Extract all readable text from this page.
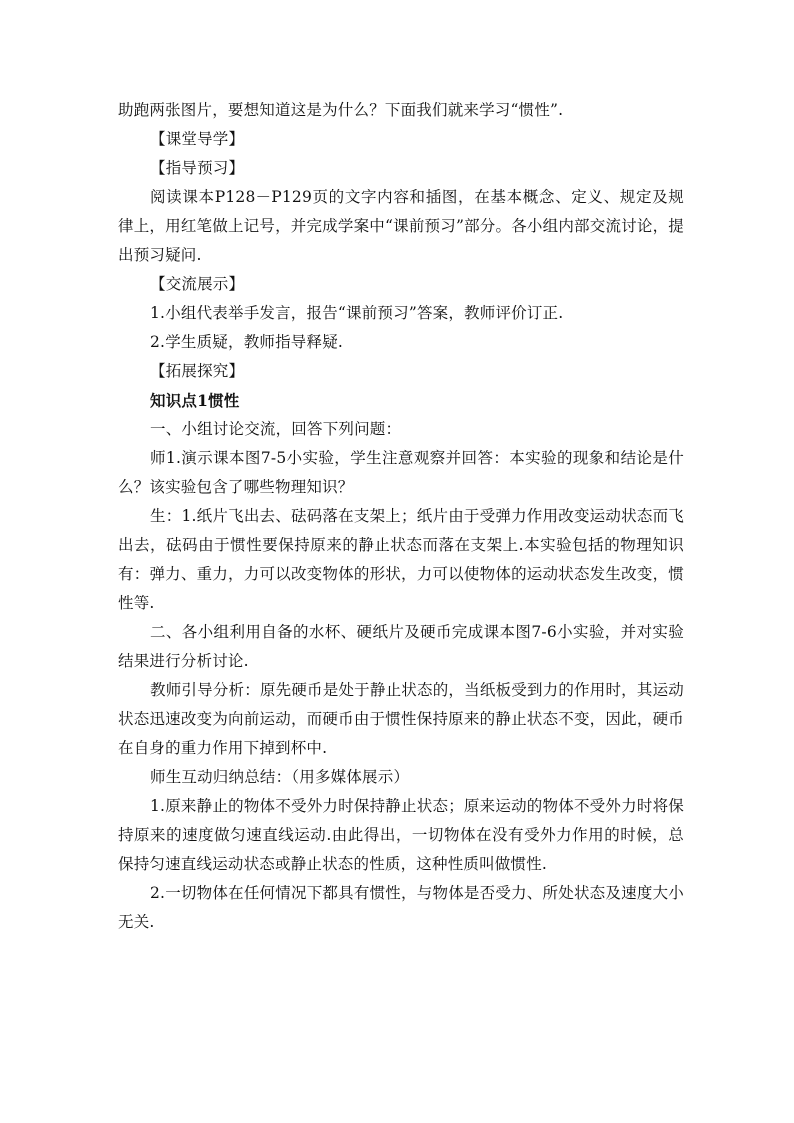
助跑两张图片，要想知道这是为什么？下面我们就来学习“惯性”.

【课堂导学】

【指导预习】

阅读课本P128－P129页的文字内容和插图，在基本概念、定义、规定及规律上，用红笔做上记号，并完成学案中“课前预习”部分。各小组内部交流讨论，提出预习疑问.

【交流展示】

1.小组代表举手发言，报告“课前预习”答案，教师评价订正.

2.学生质疑，教师指导释疑.

【拓展探究】

知识点1惯性

一、小组讨论交流，回答下列问题：

师1.演示课本图7-5小实验，学生注意观察并回答：本实验的现象和结论是什么？该实验包含了哪些物理知识？

生：1.纸片飞出去、砝码落在支架上；纸片由于受弹力作用改变运动状态而飞出去，砝码由于惯性要保持原来的静止状态而落在支架上.本实验包括的物理知识有：弹力、重力，力可以改变物体的形状，力可以使物体的运动状态发生改变，惯性等.

二、各小组利用自备的水杯、硬纸片及硬币完成课本图7-6小实验，并对实验结果进行分析讨论.

教师引导分析：原先硬币是处于静止状态的，当纸板受到力的作用时，其运动状态迅速改变为向前运动，而硬币由于惯性保持原来的静止状态不变，因此，硬币在自身的重力作用下掉到杯中.

师生互动归纳总结：（用多媒体展示）

1.原来静止的物体不受外力时保持静止状态；原来运动的物体不受外力时将保持原来的速度做匀速直线运动.由此得出，一切物体在没有受外力作用的时候，总保持匀速直线运动状态或静止状态的性质，这种性质叫做惯性.

2.一切物体在任何情况下都具有惯性，与物体是否受力、所处状态及速度大小无关.
